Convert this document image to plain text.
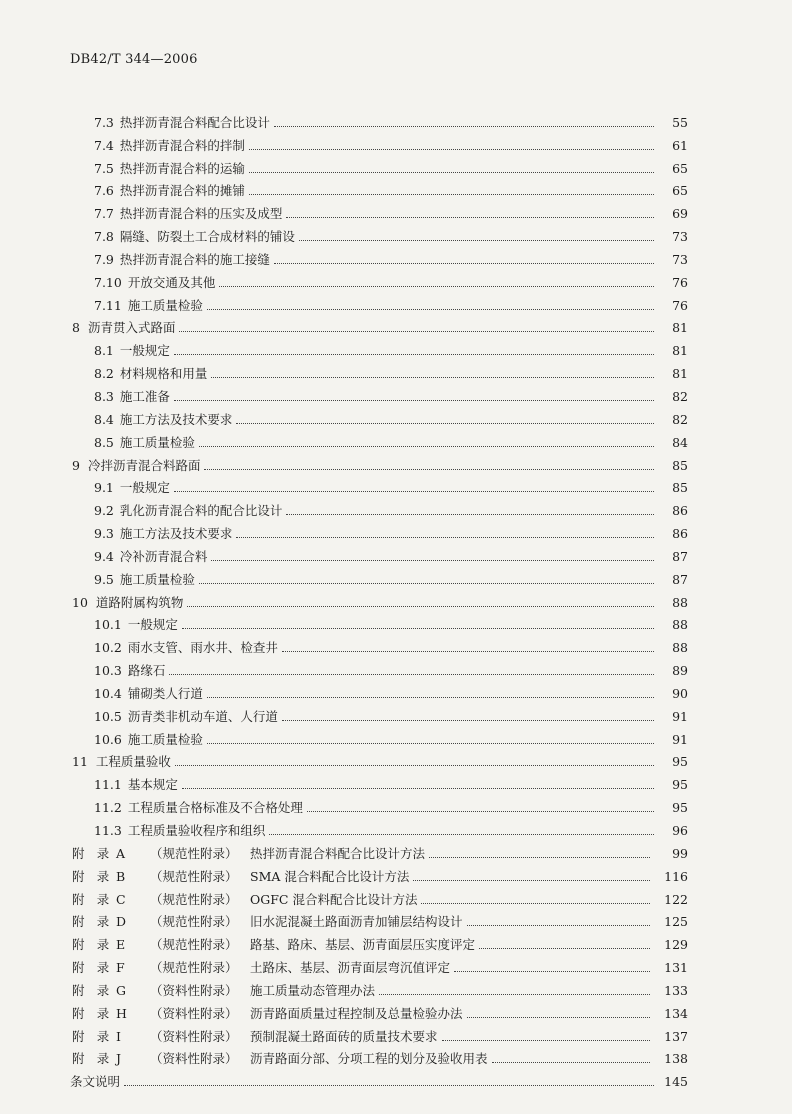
DB42/T 344—2006
7.3 热拌沥青混合料配合比设计	55
7.4 热拌沥青混合料的拌制	61
7.5 热拌沥青混合料的运输	65
7.6 热拌沥青混合料的摊铺	65
7.7 热拌沥青混合料的压实及成型	69
7.8 隔缝、防裂土工合成材料的铺设	73
7.9 热拌沥青混合料的施工接缝	73
7.10 开放交通及其他	76
7.11 施工质量检验	76
8 沥青贯入式路面	81
8.1 一般规定	81
8.2 材料规格和用量	81
8.3 施工准备	82
8.4 施工方法及技术要求	82
8.5 施工质量检验	84
9 冷拌沥青混合料路面	85
9.1 一般规定	85
9.2 乳化沥青混合料的配合比设计	86
9.3 施工方法及技术要求	86
9.4 冷补沥青混合料	87
9.5 施工质量检验	87
10 道路附属构筑物	88
10.1 一般规定	88
10.2 雨水支管、雨水井、检查井	88
10.3 路缘石	89
10.4 铺砌类人行道	90
10.5 沥青类非机动车道、人行道	91
10.6 施工质量检验	91
11 工程质量验收	95
11.1 基本规定	95
11.2 工程质量合格标准及不合格处理	95
11.3 工程质量验收程序和组织	96
附 录 A	（规范性附录） 热拌沥青混合料配合比设计方法	99
附 录 B	（规范性附录） SMA 混合料配合比设计方法	116
附 录 C	（规范性附录） OGFC 混合料配合比设计方法	122
附 录 D	（规范性附录） 旧水泥混凝土路面沥青加铺层结构设计	125
附 录 E	（规范性附录） 路基、路床、基层、沥青面层压实度评定	129
附 录 F	（规范性附录） 土路床、基层、沥青面层弯沉值评定	131
附 录 G	（资料性附录） 施工质量动态管理办法	133
附 录 H	（资料性附录） 沥青路面质量过程控制及总量检验办法	134
附 录 I	（资料性附录） 预制混凝土路面砖的质量技术要求	137
附 录 J	（资料性附录） 沥青路面分部、分项工程的划分及验收用表	138
条文说明	145
